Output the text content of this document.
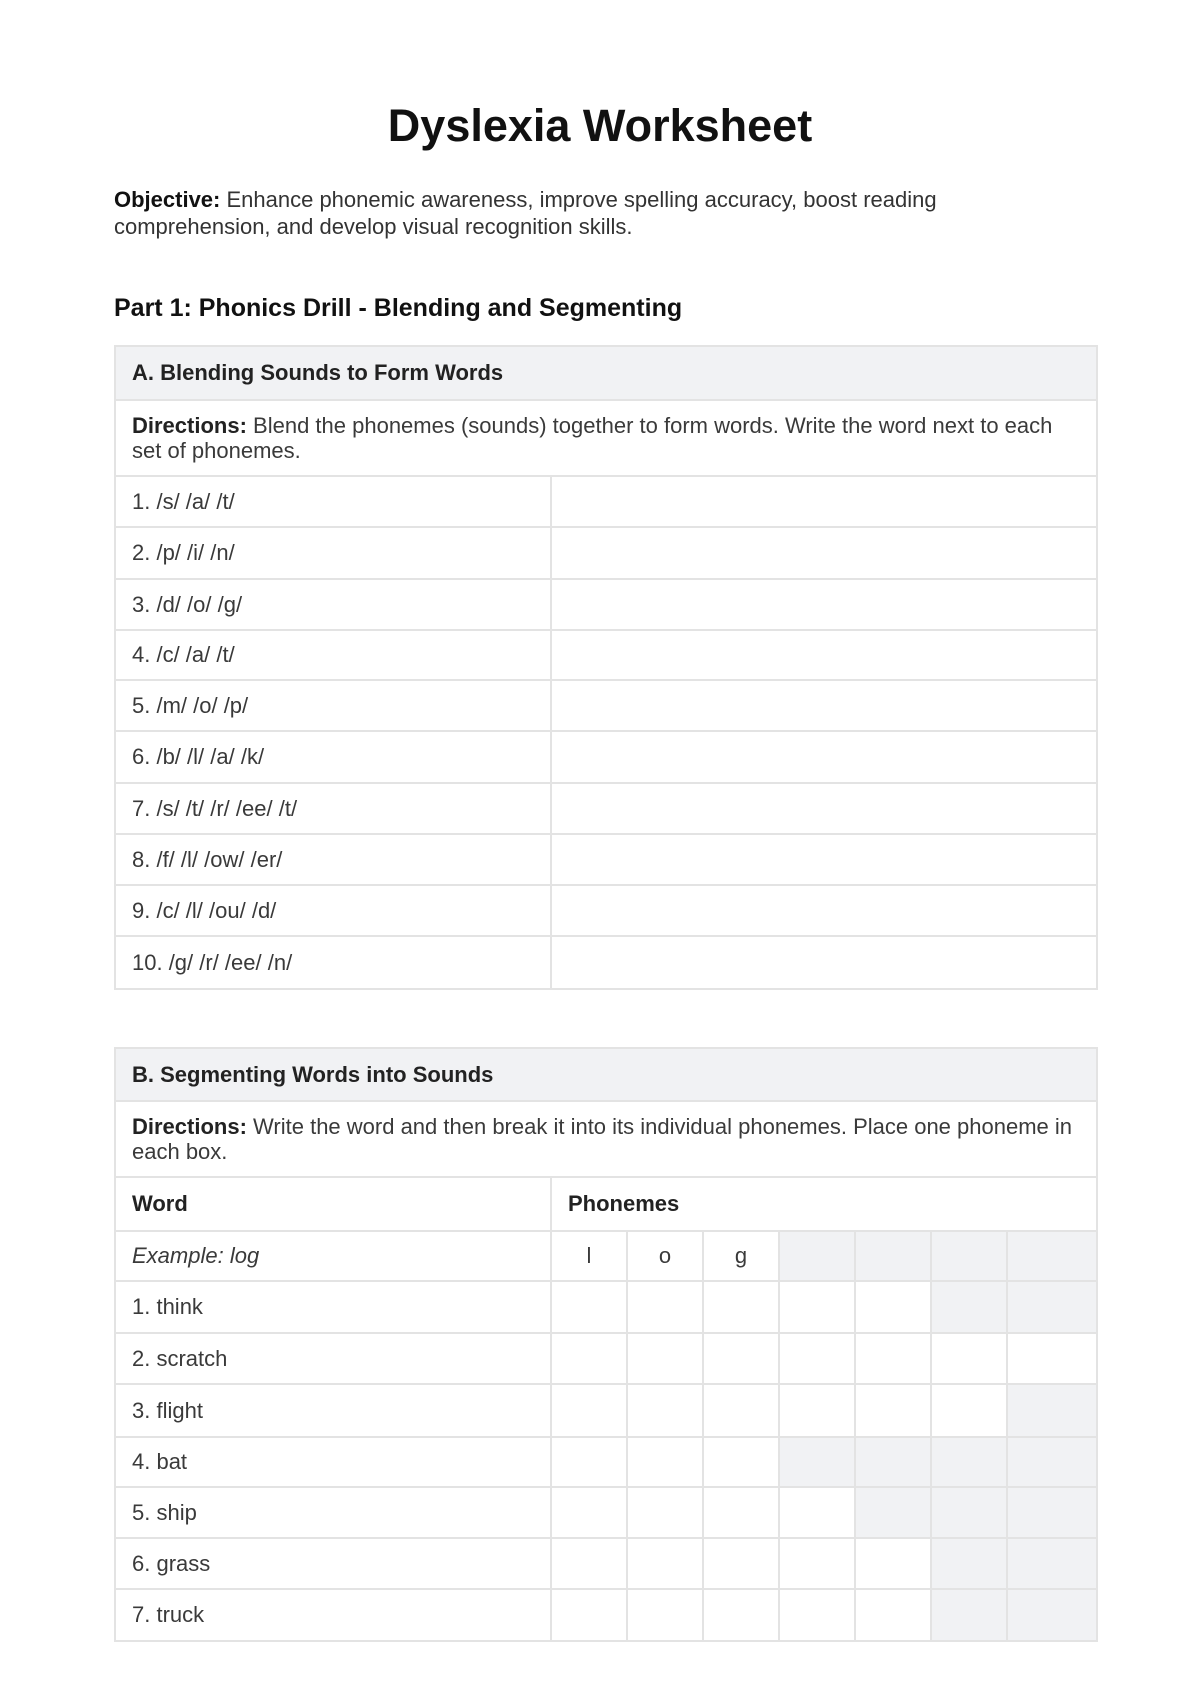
Dyslexia Worksheet

Objective: Enhance phonemic awareness, improve spelling accuracy, boost reading comprehension, and develop visual recognition skills.

Part 1: Phonics Drill - Blending and Segmenting
A. Blending Sounds to Form Words	
Directions: Blend the phonemes (sounds) together to form words. Write the word next to each set of phonemes.	
1. /s/ /a/ /t/	
2. /p/ /i/ /n/	
3. /d/ /o/ /g/	
4. /c/ /a/ /t/	
5. /m/ /o/ /p/	
6. /b/ /l/ /a/ /k/	
7. /s/ /t/ /r/ /ee/ /t/	
8. /f/ /l/ /ow/ /er/	
9. /c/ /l/ /ou/ /d/	
10. /g/ /r/ /ee/ /n/	
B. Segmenting Words into Sounds							
Directions: Write the word and then break it into its individual phonemes. Place one phoneme in each box.							
Word	Phonemes						
Example: log	l	o	g				
1. think							
2. scratch							
3. flight							
4. bat							
5. ship							
6. grass							
7. truck							
